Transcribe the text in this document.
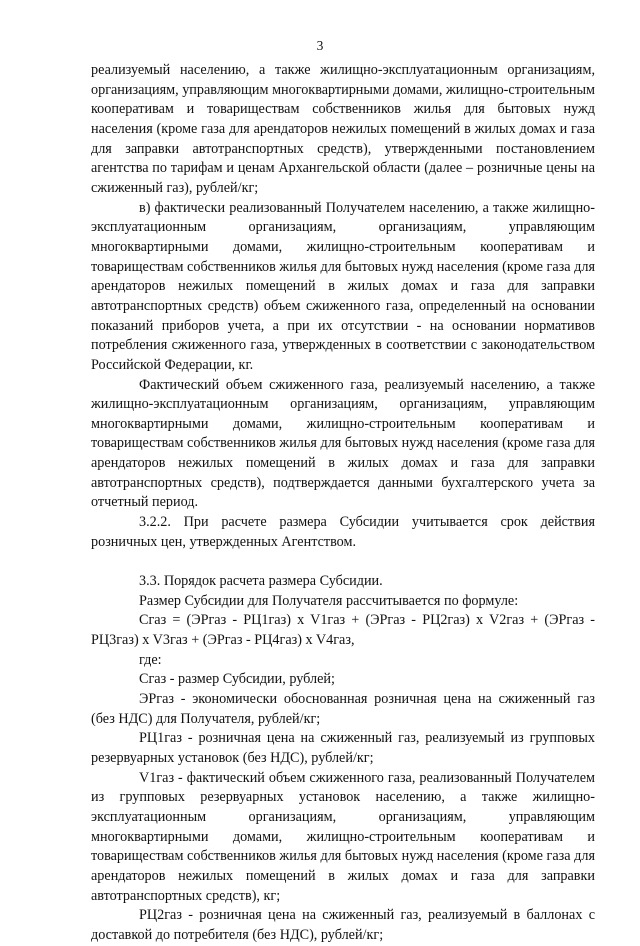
3

реализуемый населению, а также жилищно-эксплуатационным организациям, организациям, управляющим многоквартирными домами, жилищно-строительным кооперативам и товариществам собственников жилья для бытовых нужд населения (кроме газа для арендаторов нежилых помещений в жилых домах и газа для заправки автотранспортных средств), утвержденными постановлением агентства по тарифам и ценам Архангельской области (далее – розничные цены на сжиженный газ), рублей/кг;

в) фактически реализованный Получателем населению, а также жилищно-эксплуатационным организациям, организациям, управляющим многоквартирными домами, жилищно-строительным кооперативам и товариществам собственников жилья для бытовых нужд населения (кроме газа для арендаторов нежилых помещений в жилых домах и газа для заправки автотранспортных средств) объем сжиженного газа, определенный на основании показаний приборов учета, а при их отсутствии - на основании нормативов потребления сжиженного газа, утвержденных в соответствии с законодательством Российской Федерации, кг.

Фактический объем сжиженного газа, реализуемый населению, а также жилищно-эксплуатационным организациям, организациям, управляющим многоквартирными домами, жилищно-строительным кооперативам и товариществам собственников жилья для бытовых нужд населения (кроме газа для арендаторов нежилых помещений в жилых домах и газа для заправки автотранспортных средств), подтверждается данными бухгалтерского учета за отчетный период.

3.2.2. При расчете размера Субсидии учитывается срок действия розничных цен, утвержденных Агентством.

3.3. Порядок расчета размера Субсидии.

Размер Субсидии для Получателя рассчитывается по формуле:

Сгаз = (ЭРгаз - РЦ1газ) x V1газ + (ЭРгаз - РЦ2газ) x V2газ + (ЭРгаз - РЦ3газ) x V3газ + (ЭРгаз - РЦ4газ) x V4газ,

где:

Сгаз - размер Субсидии, рублей;

ЭРгаз - экономически обоснованная розничная цена на сжиженный газ (без НДС) для Получателя, рублей/кг;

РЦ1газ - розничная цена на сжиженный газ, реализуемый из групповых резервуарных установок (без НДС), рублей/кг;

V1газ - фактический объем сжиженного газа, реализованный Получателем из групповых резервуарных установок населению, а также жилищно-эксплуатационным организациям, организациям, управляющим многоквартирными домами, жилищно-строительным кооперативам и товариществам собственников жилья для бытовых нужд населения (кроме газа для арендаторов нежилых помещений в жилых домах и газа для заправки автотранспортных средств), кг;

РЦ2газ - розничная цена на сжиженный газ, реализуемый в баллонах с доставкой до потребителя (без НДС), рублей/кг;
